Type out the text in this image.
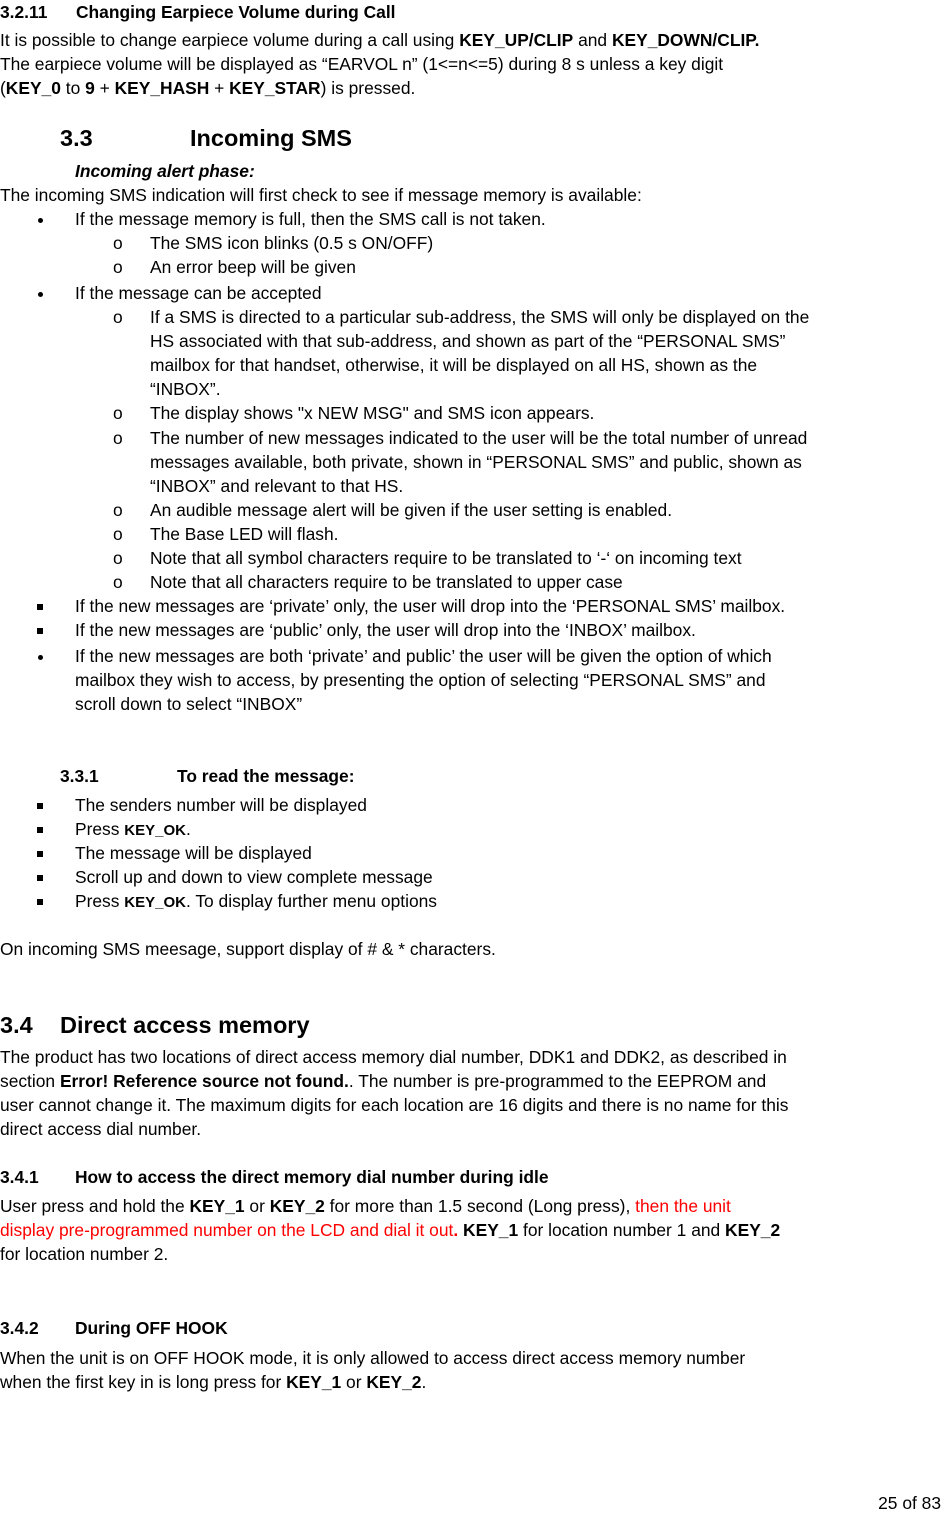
3.2.11 Changing Earpiece Volume during Call
It is possible to change earpiece volume during a call using KEY_UP/CLIP and KEY_DOWN/CLIP.
The earpiece volume will be displayed as “EARVOL n” (1<=n<=5) during 8 s unless a key digit
(KEY_0 to 9 + KEY_HASH + KEY_STAR) is pressed.
3.3	Incoming SMS
Incoming alert phase:
The incoming SMS indication will first check to see if message memory is available:
If the message memory is full, then the SMS call is not taken.
o The SMS icon blinks (0.5 s ON/OFF)
o An error beep will be given
If the message can be accepted
o If a SMS is directed to a particular sub-address, the SMS will only be displayed on the
HS associated with that sub-address, and shown as part of the “PERSONAL SMS”
mailbox for that handset, otherwise, it will be displayed on all HS, shown as the
“INBOX”.
o The display shows "x NEW MSG" and SMS icon appears.
o The number of new messages indicated to the user will be the total number of unread
messages available, both private, shown in “PERSONAL SMS” and public, shown as
“INBOX” and relevant to that HS.
o An audible message alert will be given if the user setting is enabled.
o The Base LED will flash.
o Note that all symbol characters require to be translated to ‘-‘ on incoming text
o Note that all characters require to be translated to upper case
If the new messages are ‘private’ only, the user will drop into the ‘PERSONAL SMS’ mailbox.
If the new messages are ‘public’ only, the user will drop into the ‘INBOX’ mailbox.
If the new messages are both ‘private’ and public’ the user will be given the option of which
mailbox they wish to access, by presenting the option of selecting “PERSONAL SMS” and
scroll down to select “INBOX”
3.3.1	To read the message:
The senders number will be displayed
Press KEY_OK.
The message will be displayed
Scroll up and down to view complete message
Press KEY_OK. To display further menu options
On incoming SMS meesage, support display of # & * characters.
3.4 Direct access memory
The product has two locations of direct access memory dial number, DDK1 and DDK2, as described in
section Error! Reference source not found.. The number is pre-programmed to the EEPROM and
user cannot change it. The maximum digits for each location are 16 digits and there is no name for this
direct access dial number.
3.4.1 How to access the direct memory dial number during idle
User press and hold the KEY_1 or KEY_2 for more than 1.5 second (Long press), then the unit
display pre-programmed number on the LCD and dial it out. KEY_1 for location number 1 and KEY_2
for location number 2.
3.4.2 During OFF HOOK
When the unit is on OFF HOOK mode, it is only allowed to access direct access memory number
when the first key in is long press for KEY_1 or KEY_2.
25 of 83
